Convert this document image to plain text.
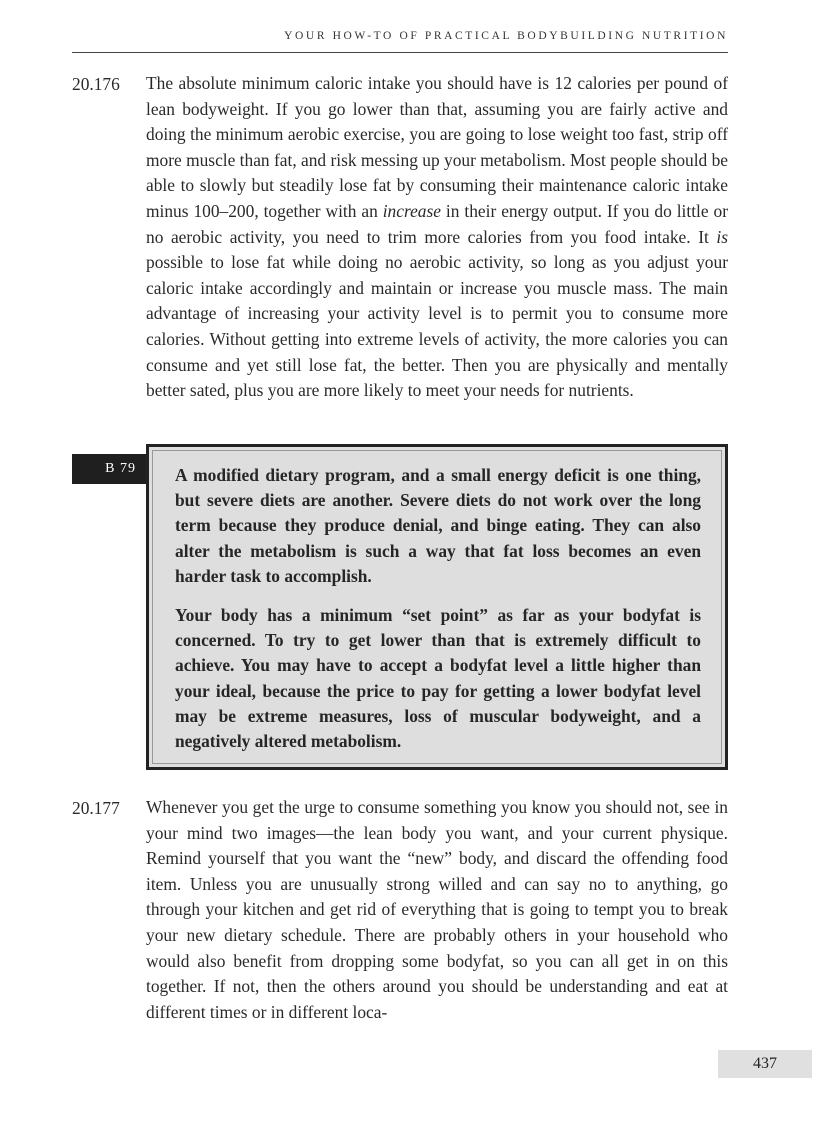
YOUR HOW-TO OF PRACTICAL BODYBUILDING NUTRITION
20.176 The absolute minimum caloric intake you should have is 12 calories per pound of lean bodyweight. If you go lower than that, assuming you are fairly active and doing the minimum aerobic exercise, you are going to lose weight too fast, strip off more muscle than fat, and risk messing up your metabolism. Most people should be able to slowly but steadily lose fat by consuming their maintenance caloric intake minus 100–200, together with an increase in their energy output. If you do little or no aerobic activity, you need to trim more calories from you food intake. It is possible to lose fat while doing no aerobic activity, so long as you adjust your caloric intake accordingly and maintain or increase you muscle mass. The main advantage of increasing your activity level is to permit you to consume more calories. Without getting into extreme levels of activity, the more calories you can consume and yet still lose fat, the better. Then you are physically and mentally better sated, plus you are more likely to meet your needs for nutrients.

B 79	A modified dietary program, and a small energy deficit is one thing, but severe diets are another. Severe diets do not work over the long term because they produce denial, and binge eating. They can also alter the metabolism is such a way that fat loss becomes an even harder task to accomplish.

Your body has a minimum “set point” as far as your bodyfat is concerned. To try to get lower than that is extremely difficult to achieve. You may have to accept a bodyfat level a little higher than your ideal, because the price to pay for getting a lower bodyfat level may be extreme measures, loss of muscular bodyweight, and a negatively altered metabolism.

20.177 Whenever you get the urge to consume something you know you should not, see in your mind two images—the lean body you want, and your current physique. Remind yourself that you want the “new” body, and discard the offending food item. Unless you are unusually strong willed and can say no to anything, go through your kitchen and get rid of everything that is going to tempt you to break your new dietary schedule. There are probably others in your household who would also benefit from dropping some bodyfat, so you can all get in on this together. If not, then the others around you should be understanding and eat at different times or in different loca-

437
